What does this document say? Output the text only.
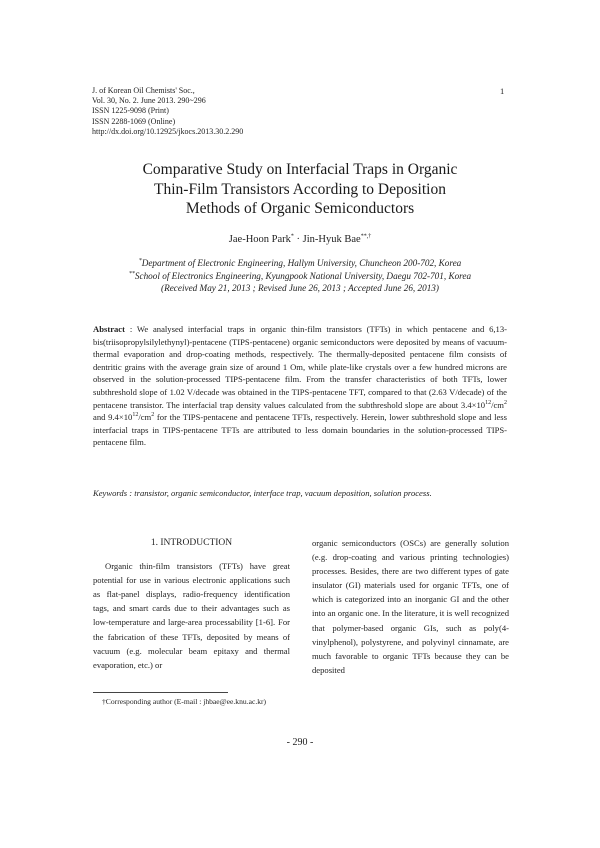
J. of Korean Oil Chemists' Soc.,
Vol. 30, No. 2. June 2013. 290~296
ISSN 1225-9098 (Print)
ISSN 2288-1069 (Online)
http://dx.doi.org/10.12925/jkocs.2013.30.2.290
1
Comparative Study on Interfacial Traps in Organic
Thin-Film Transistors According to Deposition
Methods of Organic Semiconductors
Jae-Hoon Park* · Jin-Hyuk Bae**,†
*Department of Electronic Engineering, Hallym University, Chuncheon 200-702, Korea
**School of Electronics Engineering, Kyungpook National University, Daegu 702-701, Korea
(Received May 21, 2013 ; Revised June 26, 2013 ; Accepted June 26, 2013)
Abstract : We analysed interfacial traps in organic thin-film transistors (TFTs) in which pentacene and 6,13-bis(triisopropylsilylethynyl)-pentacene (TIPS-pentacene) organic semiconductors were deposited by means of vacuum-thermal evaporation and drop-coating methods, respectively. The thermally-deposited pentacene film consists of dentritic grains with the average grain size of around 1 Οm, while plate-like crystals over a few hundred microns are observed in the solution-processed TIPS-pentacene film. From the transfer characteristics of both TFTs, lower subthreshold slope of 1.02 V/decade was obtained in the TIPS-pentacene TFT, compared to that (2.63 V/decade) of the pentacene transistor. The interfacial trap density values calculated from the subthreshold slope are about $3.4\times 10^{12}/cm^2$ and $9.4\times 10^{12}/cm^2$ for the TIPS-pentacene and pentacene TFTs, respectively. Herein, lower subthreshold slope and less interfacial traps in TIPS-pentacene TFTs are attributed to less domain boundaries in the solution-processed TIPS-pentacene film.
Keywords : transistor, organic semiconductor, interface trap, vacuum deposition, solution process.
1. INTRODUCTION
Organic thin-film transistors (TFTs) have great potential for use in various electronic applications such as flat-panel displays, radio-frequency identification tags, and smart cards due to their advantages such as low-temperature and large-area processability [1-6]. For the fabrication of these TFTs, deposited by means of vacuum (e.g. molecular beam epitaxy and thermal evaporation, etc.) or
organic semiconductors (OSCs) are generally solution (e.g. drop-coating and various printing technologies) processes. Besides, there are two different types of gate insulator (GI) materials used for organic TFTs, one of which is categorized into an inorganic GI and the other into an organic one. In the literature, it is well recognized that polymer-based organic GIs, such as poly(4-vinylphenol), polystyrene, and polyvinyl cinnamate, are much favorable to organic TFTs because they can be deposited
†Corresponding author (E-mail : jhbae@ee.knu.ac.kr)
- 290 -
